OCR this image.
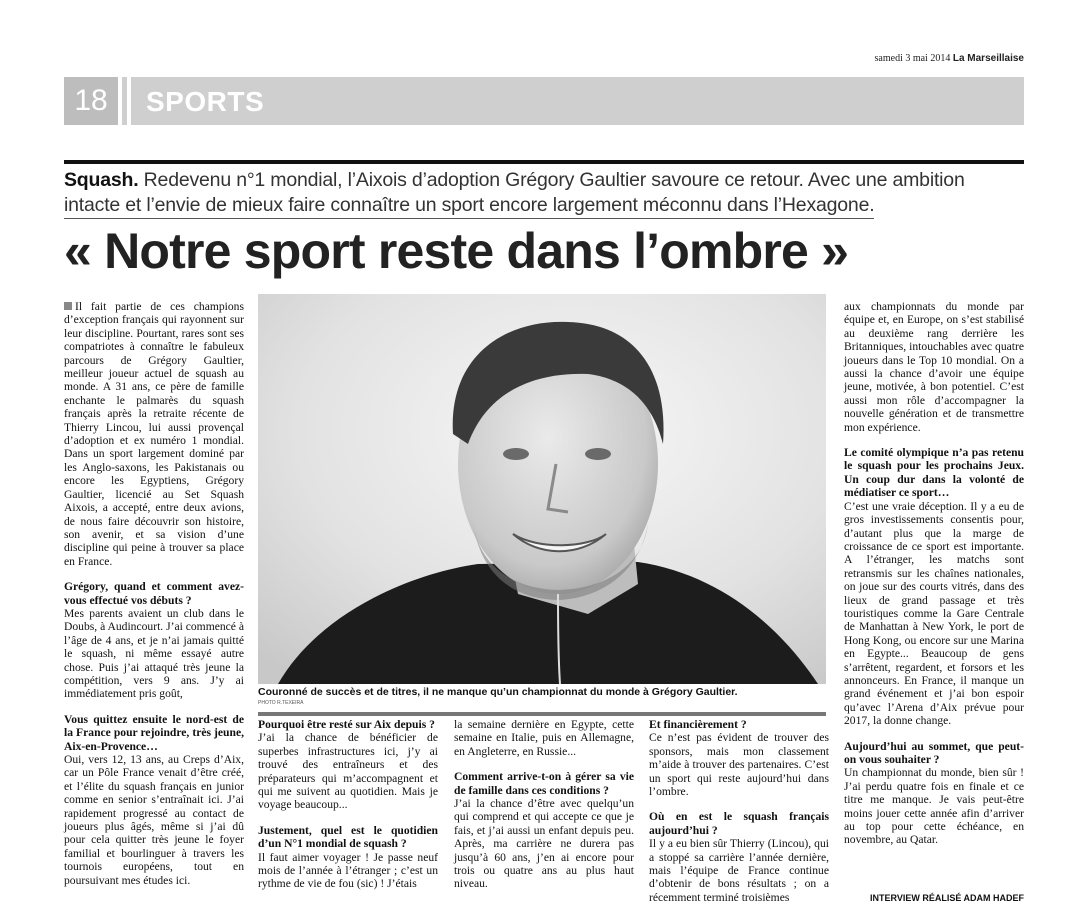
samedi 3 mai 2014 La Marseillaise
18	SPORTS
Squash. Redevenu n°1 mondial, l’Aixois d’adoption Grégory Gaultier savoure ce retour. Avec une ambition
intacte et l’envie de mieux faire connaître un sport encore largement méconnu dans l’Hexagone.
« Notre sport reste dans l’ombre »

Il fait partie de ces champions d’exception français qui rayonnent sur leur discipline. Pourtant, rares sont ses compatriotes à connaître le fabuleux parcours de Grégory Gaultier, meilleur joueur actuel de squash au monde. A 31 ans, ce père de famille enchante le palmarès du squash français après la retraite récente de Thierry Lincou, lui aussi provençal d’adoption et ex numéro 1 mondial. Dans un sport largement dominé par les Anglo-saxons, les Pakistanais ou encore les Egyptiens, Grégory Gaultier, licencié au Set Squash Aixois, a accepté, entre deux avions, de nous faire découvrir son histoire, son avenir, et sa vision d’une discipline qui peine à trouver sa place en France.

Grégory, quand et comment avez-vous effectué vos débuts ?

Mes parents avaient un club dans le Doubs, à Audincourt. J’ai commencé à l’âge de 4 ans, et je n’ai jamais quitté le squash, ni même essayé autre chose. Puis j’ai attaqué très jeune la compétition, vers 9 ans. J’y ai immédiatement pris goût,

Vous quittez ensuite le nord-est de la France pour rejoindre, très jeune, Aix-en-Provence…

Oui, vers 12, 13 ans, au Creps d’Aix, car un Pôle France venait d’être créé, et l’élite du squash français en junior comme en senior s’entraînait ici. J’ai rapidement progressé au contact de joueurs plus âgés, même si j’ai dû pour cela quitter très jeune le foyer familial et bourlinguer à travers les tournois européens, tout en poursuivant mes études ici.

Couronné de succès et de titres, il ne manque qu’un championnat du monde à Grégory Gaultier.
PHOTO R.TEXEIRA

Pourquoi être resté sur Aix depuis ?

J’ai la chance de bénéficier de superbes infrastructures ici, j’y ai trouvé des entraîneurs et des préparateurs qui m’accompagnent et qui me suivent au quotidien. Mais je voyage beaucoup...

Justement, quel est le quotidien d’un N°1 mondial de squash ?

Il faut aimer voyager ! Je passe neuf mois de l’année à l’étranger ; c’est un rythme de vie de fou (sic) ! J’étais

la semaine dernière en Egypte, cette semaine en Italie, puis en Allemagne, en Angleterre, en Russie...

Comment arrive-t-on à gérer sa vie de famille dans ces conditions ?

J’ai la chance d’être avec quelqu’un qui comprend et qui accepte ce que je fais, et j’ai aussi un enfant depuis peu. Après, ma carrière ne durera pas jusqu’à 60 ans, j’en ai encore pour trois ou quatre ans au plus haut niveau.

Et financièrement ?

Ce n’est pas évident de trouver des sponsors, mais mon classement m’aide à trouver des partenaires. C’est un sport qui reste aujourd’hui dans l’ombre.

Où en est le squash français aujourd’hui ?

Il y a eu bien sûr Thierry (Lincou), qui a stoppé sa carrière l’année dernière, mais l’équipe de France continue d’obtenir de bons résultats ; on a récemment terminé troisièmes

aux championnats du monde par équipe et, en Europe, on s’est stabilisé au deuxième rang derrière les Britanniques, intouchables avec quatre joueurs dans le Top 10 mondial. On a aussi la chance d’avoir une équipe jeune, motivée, à bon potentiel. C’est aussi mon rôle d’accompagner la nouvelle génération et de transmettre mon expérience.

Le comité olympique n’a pas retenu le squash pour les prochains Jeux. Un coup dur dans la volonté de médiatiser ce sport…

C’est une vraie déception. Il y a eu de gros investissements consentis pour, d’autant plus que la marge de croissance de ce sport est importante. A l’étranger, les matchs sont retransmis sur les chaînes nationales, on joue sur des courts vitrés, dans des lieux de grand passage et très touristiques comme la Gare Centrale de Manhattan à New York, le port de Hong Kong, ou encore sur une Marina en Egypte... Beaucoup de gens s’arrêtent, regardent, et forsors et les annonceurs. En France, il manque un grand événement et j’ai bon espoir qu’avec l’Arena d’Aix prévue pour 2017, la donne change.

Aujourd’hui au sommet, que peut-on vous souhaiter ?

Un championnat du monde, bien sûr ! J’ai perdu quatre fois en finale et ce titre me manque. Je vais peut-être moins jouer cette année afin d’arriver au top pour cette échéance, en novembre, au Qatar.

INTERVIEW RÉALISÉ ADAM HADEF
